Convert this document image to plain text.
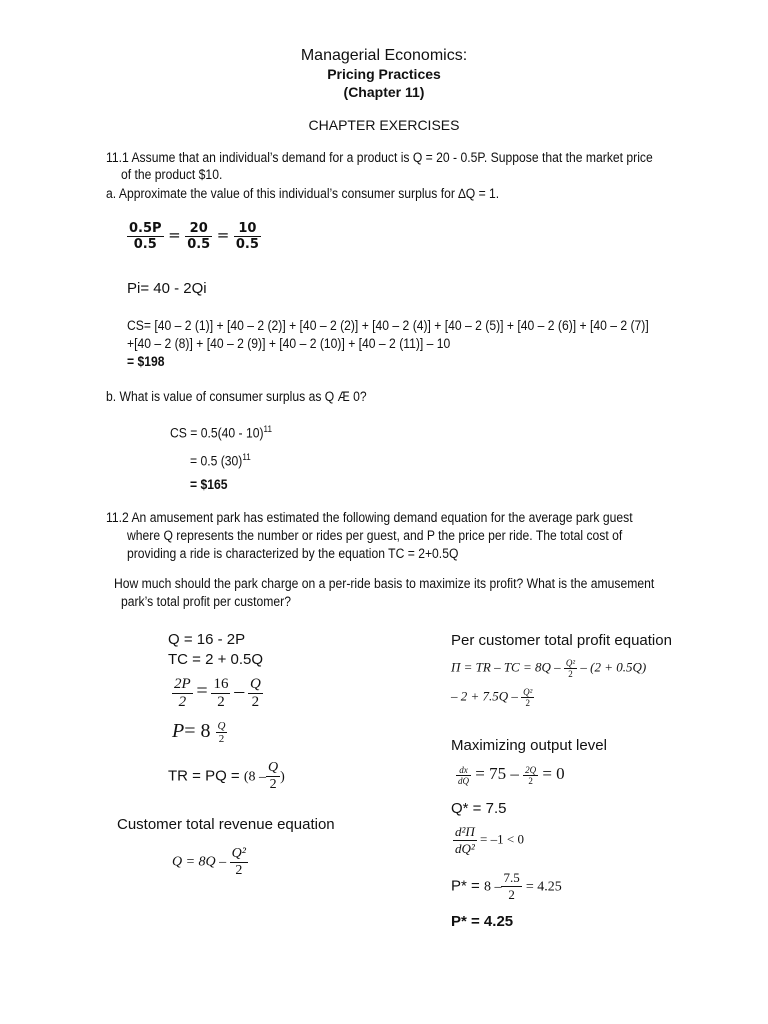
Managerial Economics:
Pricing Practices
(Chapter 11)
CHAPTER EXERCISES
11.1 Assume that an individual’s demand for a product is Q = 20 - 0.5P. Suppose that the market price
of the product $10.
a. Approximate the value of this individual’s consumer surplus for ∆Q = 1.
$\frac{0.5P}{0.5} = \frac{20}{0.5} = \frac{10}{0.5}$
Pi= 40 - 2Qi
CS= [40 – 2 (1)] + [40 – 2 (2)] + [40 – 2 (2)] + [40 – 2 (4)] + [40 – 2 (5)] + [40 – 2 (6)] + [40 – 2 (7)]
+[40 – 2 (8)] + [40 – 2 (9)] + [40 – 2 (10)] + [40 – 2 (11)] – 10
= $198
b. What is value of consumer surplus as Q Æ 0?
CS = 0.5(40 - 10)$^{11}$
= 0.5 $(30)^{11}$
= $165
11.2 An amusement park has estimated the following demand equation for the average park guest
where Q represents the number or rides per guest, and P the price per ride. The total cost of
providing a ride is characterized by the equation TC = 2+0.5Q
How much should the park charge on a per-ride basis to maximize its profit? What is the amusement
park’s total profit per customer?
Q = 16 - 2P
TC = 2 + 0.5Q
$\frac{2P}{2} = \frac{16}{2} - \frac{Q}{2}$
$P= 8 \frac{Q}{2}$
TR = PQ = ($8 - \frac{Q}{2}$ )
Customer total revenue equation
$Q = 8Q - \frac{\text{Q²}}{2}$
Per customer total profit equation
Π = TR – TC = $8Q - \frac{\text{Q²}}{2} - (2 + 0.5Q)$
– $2 + 7.5Q - \frac{\text{Q²}}{2}$
Maximizing output level
$\frac{dx}{dQ} = 75 - \frac{2Q}{2} = 0$
Q* = 7.5
$\frac{\text{d²Π}}{\text{dQ²}} = -1 < 0$
$P* = 8 - \frac{7.5}{2} = 4.25$
P* = 4.25
